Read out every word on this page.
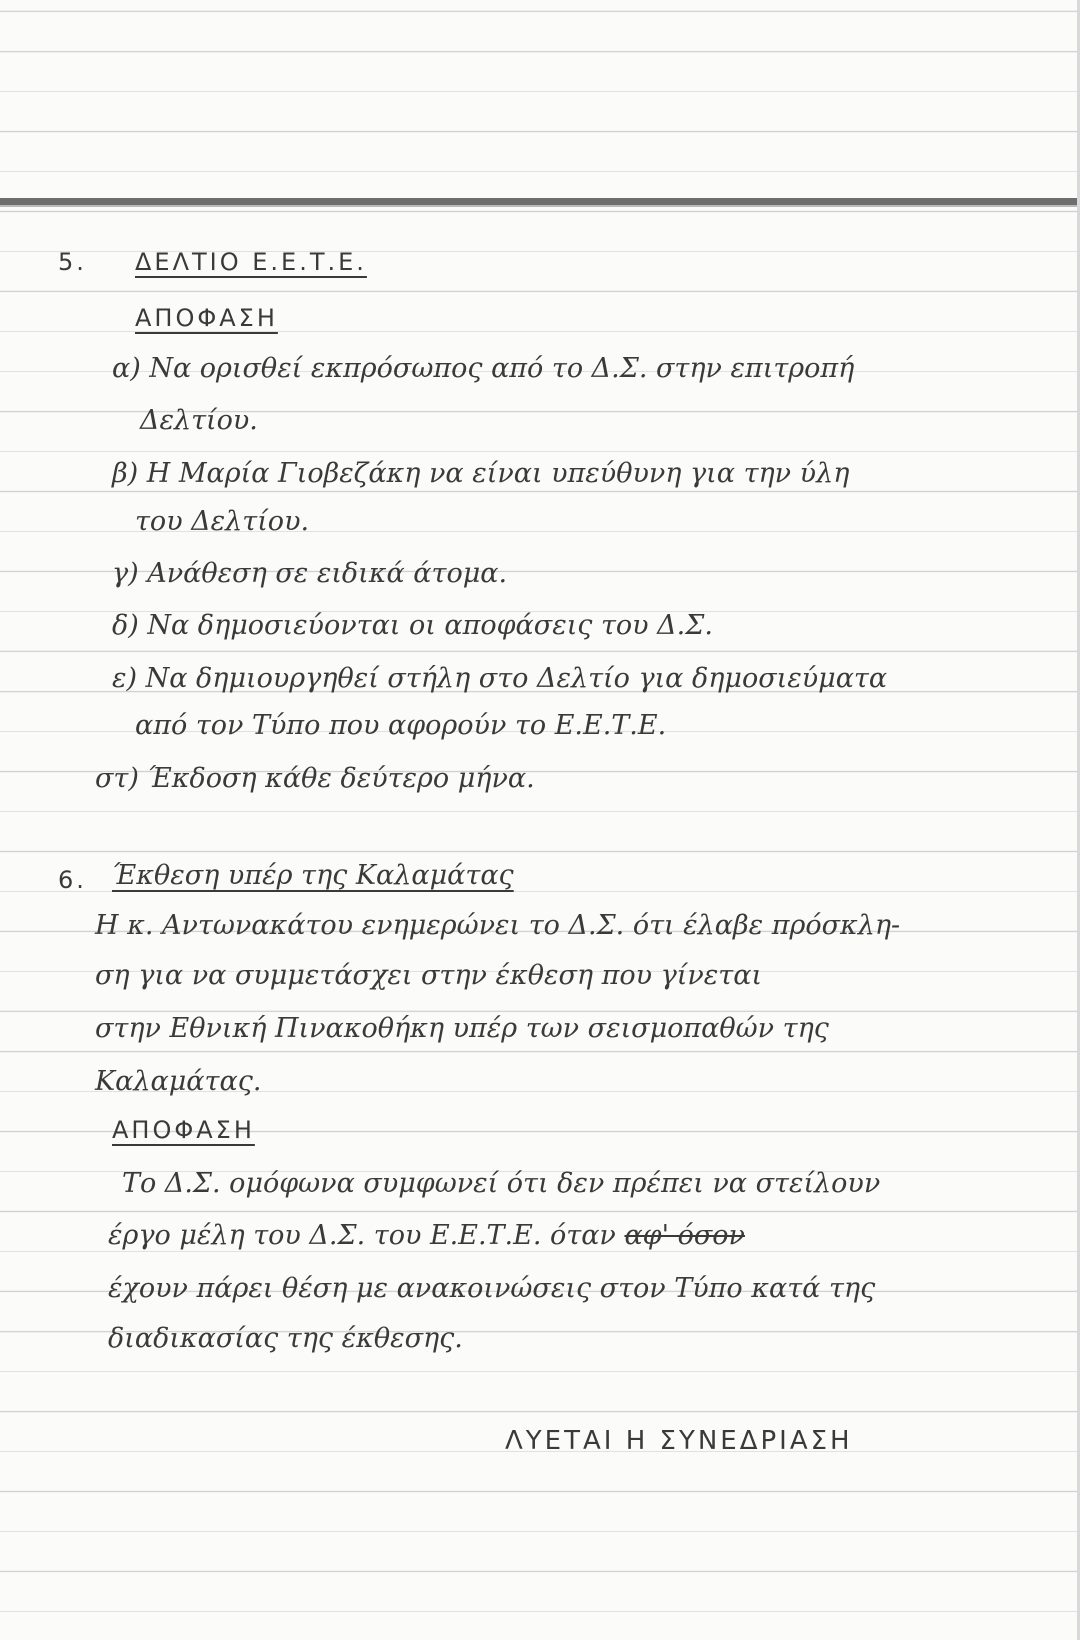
5. ΔΕΛΤΙΟ Ε.Ε.Τ.Ε.
ΑΠΟΦΑΣΗ
α) Να ορισθεί εκπρόσωπος από το Δ.Σ. στην επιτροπή
Δελτίου.
β) Η Μαρία Γιοβεζάκη να είναι υπεύθυνη για την ύλη
του Δελτίου.
γ) Ανάθεση σε ειδικά άτομα.
δ) Να δημοσιεύονται οι αποφάσεις του Δ.Σ.
ε) Να δημιουργηθεί στήλη στο Δελτίο για δημοσιεύματα
από τον Τύπο που αφορούν το Ε.Ε.Τ.Ε.
στ) Έκδοση κάθε δεύτερο μήνα.
6. Έκθεση υπέρ της Καλαμάτας
Η κ. Αντωνακάτου ενημερώνει το Δ.Σ. ότι έλαβε πρόσκλη-
ση για να συμμετάσχει στην έκθεση που γίνεται
στην Εθνική Πινακοθήκη υπέρ των σεισμοπαθών της
Καλαμάτας.
ΑΠΟΦΑΣΗ
Το Δ.Σ. ομόφωνα συμφωνεί ότι δεν πρέπει να στείλουν
έργο μέλη του Δ.Σ. του Ε.Ε.Τ.Ε. όταν αφ' όσον
έχουν πάρει θέση με ανακοινώσεις στον Τύπο κατά της
διαδικασίας της έκθεσης.
ΛΥΕΤΑΙ Η ΣΥΝΕΔΡΙΑΣΗ
